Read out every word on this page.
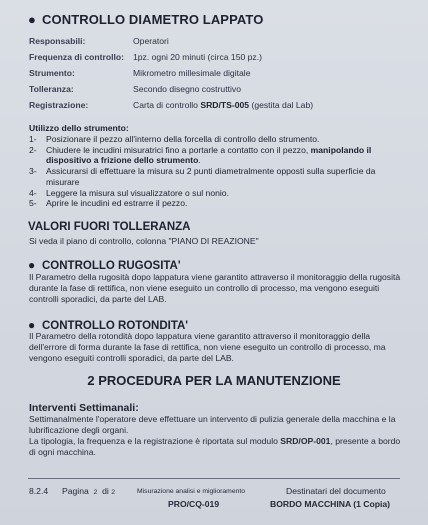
● CONTROLLO DIAMETRO LAPPATO
Responsabili:	Operatori
Frequenza di controllo: 1pz. ogni 20 minuti (circa 150 pz.)
Strumento:	Mikrometro millesimale digitale
Tolleranza:	Secondo disegno costruttivo
Registrazione:	Carta di controllo SRD/TS-005 (gestita dal Lab)
Utilizzo dello strumento:
1- Posizionare il pezzo all'interno della forcella di controllo dello strumento.
2- Chiudere le incudini misuratrici fino a portarle a contatto con il pezzo, manipolando il dispositivo a frizione dello strumento.
3- Assicurarsi di effettuare la misura su 2 punti diametralmente opposti sulla superficie da misurare
4- Leggere la misura sul visualizzatore o sul nonio.
5- Aprire le incudini ed estrarre il pezzo.
VALORI FUORI TOLLERANZA
Si veda il piano di controllo, colonna "PIANO DI REAZIONE"
● CONTROLLO RUGOSITA'
Il Parametro della rugosità dopo lappatura viene garantito attraverso il monitoraggio della rugosità durante la fase di rettifica, non viene eseguito un controllo di processo, ma vengono eseguiti controlli sporadici, da parte del LAB.
● CONTROLLO ROTONDITA'
Il Parametro della rotondità dopo lappatura viene garantito attraverso il monitoraggio della dell'errore di forma durante la fase di rettifica, non viene eseguito un controllo di processo, ma vengono eseguiti controlli sporadici, da parte del LAB.
2 PROCEDURA PER LA MANUTENZIONE
Interventi Settimanali:
Settimanalmente l'operatore deve effettuare un intervento di pulizia generale della macchina e la lubrificazione degli organi.
La tipologia, la frequenza e la registrazione è riportata sul modulo SRD/OP-001, presente a bordo di ogni macchina.
8.2.4 Pagina 2 di 2	Misurazione analisi e miglioramento
PRO/CQ-019
Destinatari del documento
BORDO MACCHINA (1 Copia)
